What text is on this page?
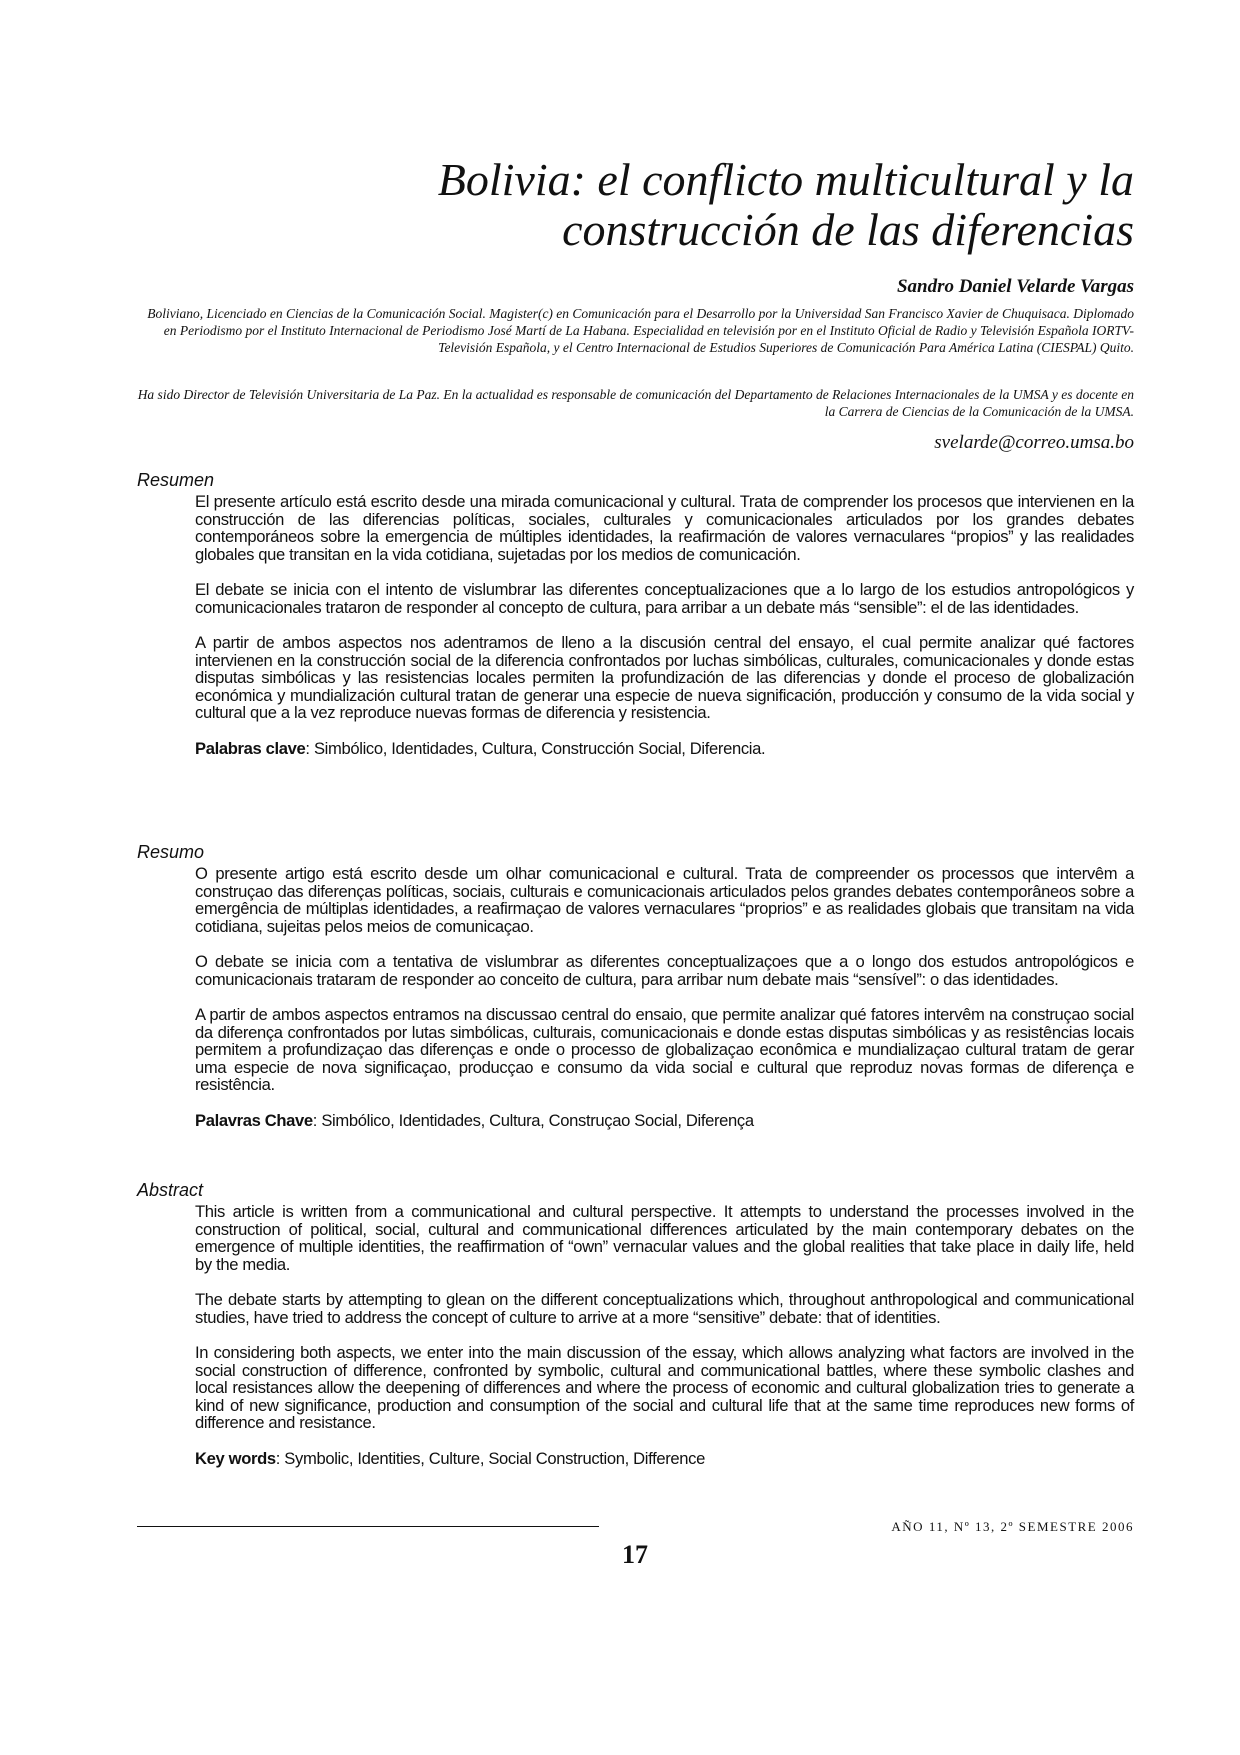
Bolivia: el conflicto multicultural y la
construcción de las diferencias

Sandro Daniel Velarde Vargas

Boliviano, Licenciado en Ciencias de la Comunicación Social. Magister(c) en Comunicación para el Desarrollo por la Universidad San Francisco Xavier de Chuquisaca. Diplomado en Periodismo por el Instituto Internacional de Periodismo José Martí de La Habana. Especialidad en televisión por en el Instituto Oficial de Radio y Televisión Española IORTV-Televisión Española, y el Centro Internacional de Estudios Superiores de Comunicación Para América Latina (CIESPAL) Quito.

Ha sido Director de Televisión Universitaria de La Paz. En la actualidad es responsable de comunicación del Departamento de Relaciones Internacionales de la UMSA y es docente en la Carrera de Ciencias de la Comunicación de la UMSA.

svelarde@correo.umsa.bo

Resumen

El presente artículo está escrito desde una mirada comunicacional y cultural. Trata de comprender los procesos que intervienen en la construcción de las diferencias políticas, sociales, culturales y comunicacionales articulados por los grandes debates contemporáneos sobre la emergencia de múltiples identidades, la reafirmación de valores vernaculares “propios” y las realidades globales que transitan en la vida cotidiana, sujetadas por los medios de comunicación.

El debate se inicia con el intento de vislumbrar las diferentes conceptualizaciones que a lo largo de los estudios antropológicos y comunicacionales trataron de responder al concepto de cultura, para arribar a un debate más “sensible”: el de las identidades.

A partir de ambos aspectos nos adentramos de lleno a la discusión central del ensayo, el cual permite analizar qué factores intervienen en la construcción social de la diferencia confrontados por luchas simbólicas, culturales, comunicacionales y donde estas disputas simbólicas y las resistencias locales permiten la profundización de las diferencias y donde el proceso de globalización económica y mundialización cultural tratan de generar una especie de nueva significación, producción y consumo de la vida social y cultural que a la vez reproduce nuevas formas de diferencia y resistencia.

Palabras clave: Simbólico, Identidades, Cultura, Construcción Social, Diferencia.

Resumo

O presente artigo está escrito desde um olhar comunicacional e cultural. Trata de compreender os processos que intervêm a construçao das diferenças políticas, sociais, culturais e comunicacionais articulados pelos grandes debates contemporâneos sobre a emergência de múltiplas identidades, a reafirmaçao de valores vernaculares “proprios” e as realidades globais que transitam na vida cotidiana, sujeitas pelos meios de comunicaçao.

O debate se inicia com a tentativa de vislumbrar as diferentes conceptualizaçoes que a o longo dos estudos antropológicos e comunicacionais trataram de responder ao conceito de cultura, para arribar num debate mais “sensível”: o das identidades.

A partir de ambos aspectos entramos na discussao central do ensaio, que permite analizar qué fatores intervêm na construçao social da diferença confrontados por lutas simbólicas, culturais, comunicacionais e donde estas disputas simbólicas y as resistências locais permitem a profundizaçao das diferenças e onde o processo de globalizaçao econômica e mundializaçao cultural tratam de gerar uma especie de nova significaçao, producçao e consumo da vida social e cultural que reproduz novas formas de diferença e resistência.

Palavras Chave: Simbólico, Identidades, Cultura, Construçao Social, Diferença

Abstract

This article is written from a communicational and cultural perspective. It attempts to understand the processes involved in the construction of political, social, cultural and communicational differences articulated by the main contemporary debates on the emergence of multiple identities, the reaffirmation of “own” vernacular values and the global realities that take place in daily life, held by the media.

The debate starts by attempting to glean on the different conceptualizations which, throughout anthropological and communicational studies, have tried to address the concept of culture to arrive at a more “sensitive” debate: that of identities.

In considering both aspects, we enter into the main discussion of the essay, which allows analyzing what factors are involved in the social construction of difference, confronted by symbolic, cultural and communicational battles, where these symbolic clashes and local resistances allow the deepening of differences and where the process of economic and cultural globalization tries to generate a kind of new significance, production and consumption of the social and cultural life that at the same time reproduces new forms of difference and resistance.

Key words: Symbolic, Identities, Culture, Social Construction, Difference

AÑO 11, Nº 13, 2º SEMESTRE 2006
17
